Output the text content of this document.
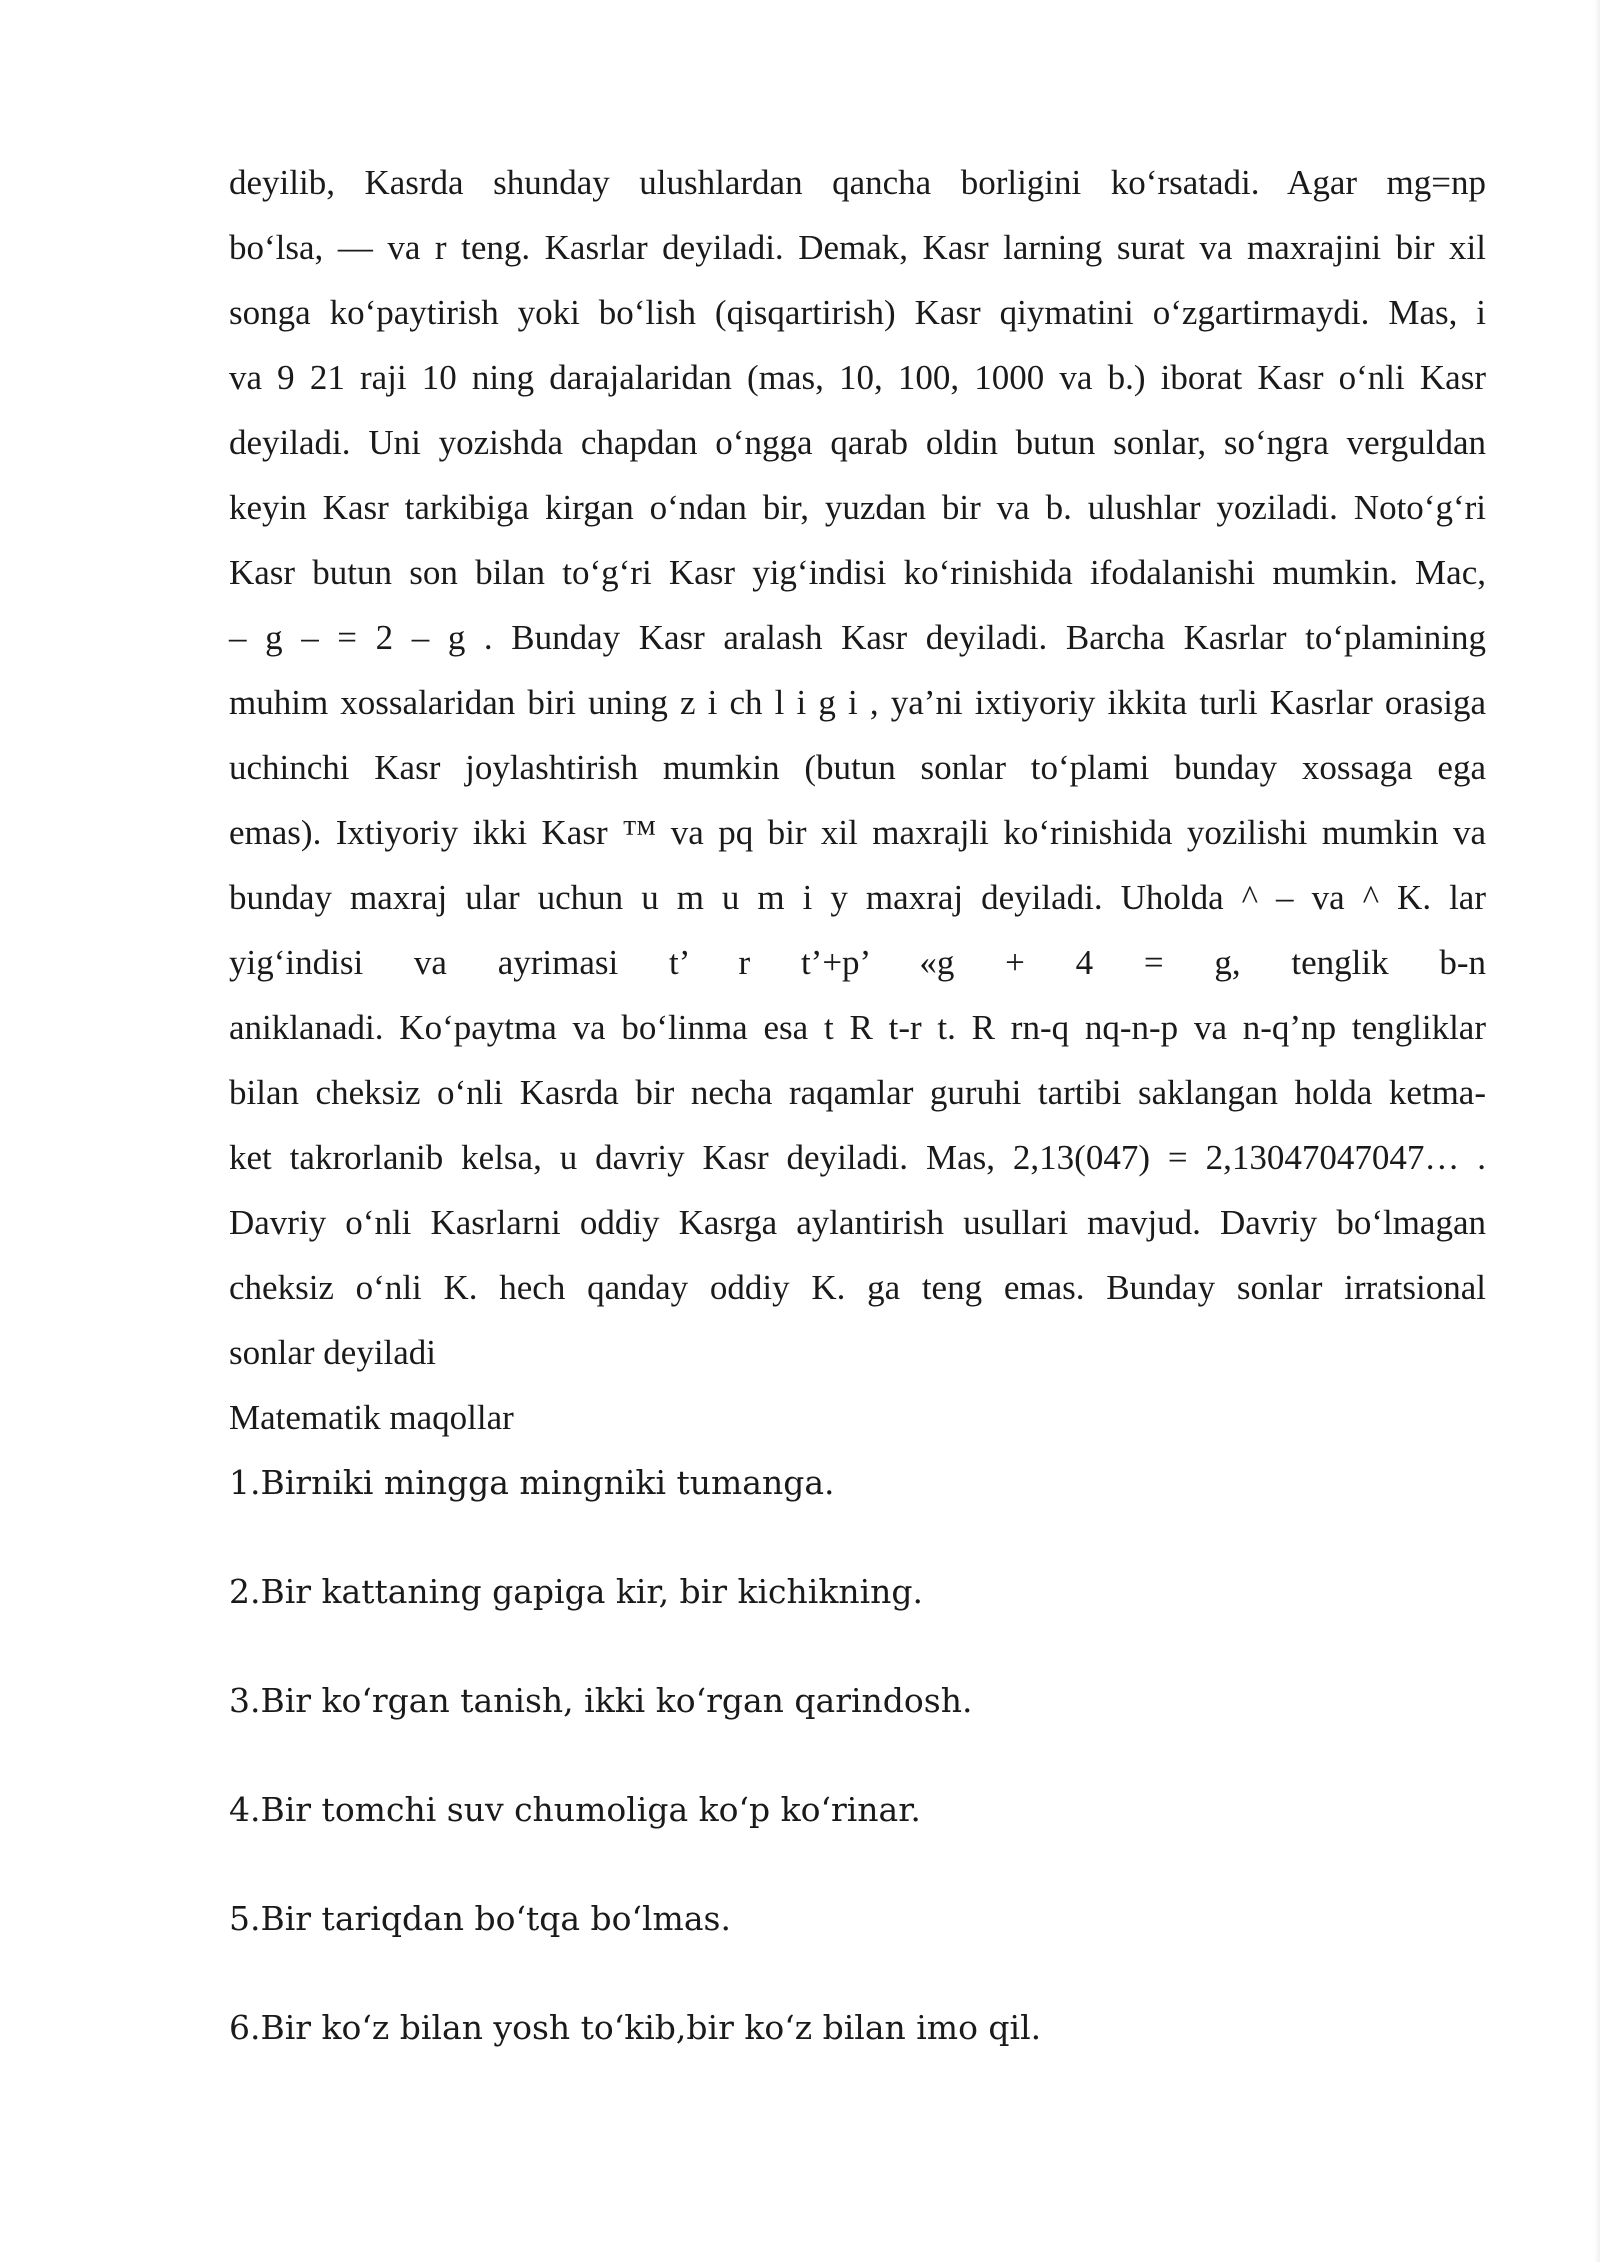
deyilib, Kasrda shunday ulushlardan qancha borligini ko‘rsatadi. Agar mg=np
bo‘lsa, — va r teng. Kasrlar deyiladi. Demak, Kasr larning surat va maxrajini bir xil
songa ko‘paytirish yoki bo‘lish (qisqartirish) Kasr qiymatini o‘zgartirmaydi. Mas, i
va 9 21 raji 10 ning darajalaridan (mas, 10, 100, 1000 va b.) iborat Kasr o‘nli Kasr
deyiladi. Uni yozishda chapdan o‘ngga qarab oldin butun sonlar, so‘ngra verguldan
keyin Kasr tarkibiga kirgan o‘ndan bir, yuzdan bir va b. ulushlar yoziladi. Noto‘g‘ri
Kasr butun son bilan to‘g‘ri Kasr yig‘indisi ko‘rinishida ifodalanishi mumkin. Mac,
– g – = 2 – g . Bunday Kasr aralash Kasr deyiladi. Barcha Kasrlar to‘plamining
muhim xossalaridan biri uning z i ch l i g i , ya’ni ixtiyoriy ikkita turli Kasrlar orasiga
uchinchi Kasr joylashtirish mumkin (butun sonlar to‘plami bunday xossaga ega
emas). Ixtiyoriy ikki Kasr ™ va pq bir xil maxrajli ko‘rinishida yozilishi mumkin va
bunday maxraj ular uchun u m u m i y maxraj deyiladi. Uholda ^ – va ^ K. lar
yig‘indisi va ayrimasi t’ r t’+p’ «g + 4 = g, tenglik b-n
aniklanadi. Ko‘paytma va bo‘linma esa t R t-r t. R rn-q nq-n-p va n-q’np tengliklar
bilan cheksiz o‘nli Kasrda bir necha raqamlar guruhi tartibi saklangan holda ketma-
ket takrorlanib kelsa, u davriy Kasr deyiladi. Mas, 2,13(047) = 2,13047047047… .
Davriy o‘nli Kasrlarni oddiy Kasrga aylantirish usullari mavjud. Davriy bo‘lmagan
cheksiz o‘nli K. hech qanday oddiy K. ga teng emas. Bunday sonlar irratsional
sonlar deyiladi
Matematik maqollar
1.Birniki mingga mingniki tumanga.
2.Bir kattaning gapiga kir, bir kichikning.
3.Bir ko‘rgan tanish, ikki ko‘rgan qarindosh.
4.Bir tomchi suv chumoliga ko‘p ko‘rinar.
5.Bir tariqdan bo‘tqa bo‘lmas.
6.Bir ko‘z bilan yosh to‘kib,bir ko‘z bilan imo qil.
